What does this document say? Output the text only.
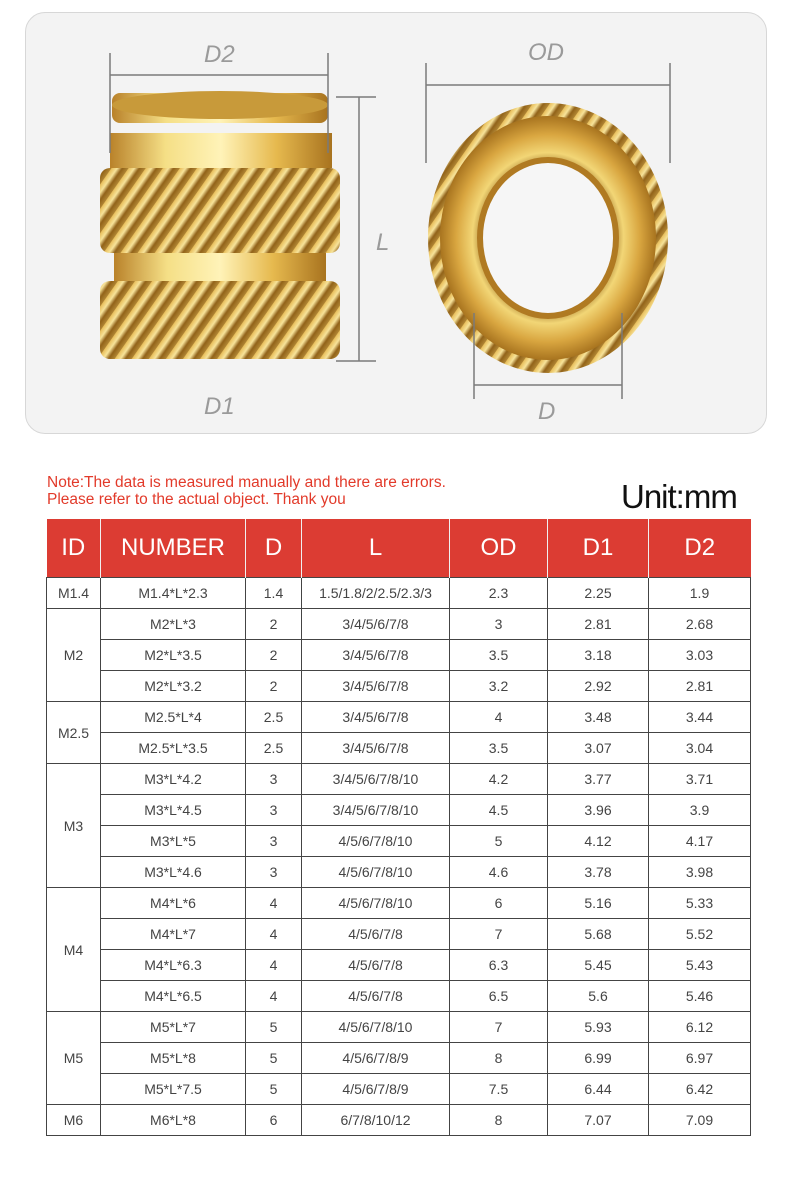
D2
L
D1
OD
D
Note:The data is measured manually and there are errors.
Please refer to the actual object. Thank you	Unit:mm
ID	NUMBER	D	L	OD	D1	D2
M1.4	M1.4*L*2.3	1.4	1.5/1.8/2/2.5/2.3/3	2.3	2.25	1.9
M2	M2*L*3	2	3/4/5/6/7/8	3	2.81	2.68
	M2*L*3.5	2	3/4/5/6/7/8	3.5	3.18	3.03
	M2*L*3.2	2	3/4/5/6/7/8	3.2	2.92	2.81
M2.5	M2.5*L*4	2.5	3/4/5/6/7/8	4	3.48	3.44
	M2.5*L*3.5	2.5	3/4/5/6/7/8	3.5	3.07	3.04
M3	M3*L*4.2	3	3/4/5/6/7/8/10	4.2	3.77	3.71
	M3*L*4.5	3	3/4/5/6/7/8/10	4.5	3.96	3.9
	M3*L*5	3	4/5/6/7/8/10	5	4.12	4.17
	M3*L*4.6	3	4/5/6/7/8/10	4.6	3.78	3.98
M4	M4*L*6	4	4/5/6/7/8/10	6	5.16	5.33
	M4*L*7	4	4/5/6/7/8	7	5.68	5.52
	M4*L*6.3	4	4/5/6/7/8	6.3	5.45	5.43
	M4*L*6.5	4	4/5/6/7/8	6.5	5.6	5.46
M5	M5*L*7	5	4/5/6/7/8/10	7	5.93	6.12
	M5*L*8	5	4/5/6/7/8/9	8	6.99	6.97
	M5*L*7.5	5	4/5/6/7/8/9	7.5	6.44	6.42
M6	M6*L*8	6	6/7/8/10/12	8	7.07	7.09
